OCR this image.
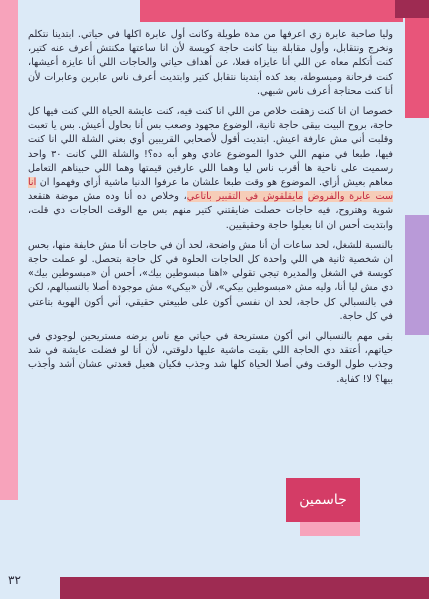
وليا صاحبة عابرة زي اعرفها من مدة طويلة وكانت أول عابرة اكلها في حياتي. ابتدينا نتكلم ونخرج ونتقابل، وأول مقابلة بينا كانت حاجة كويسة لأن انا ساعتها مكنتش أعرف عنه كتير، كنت أتكلم معاه عن اللي أنا عايزاه فعلا، عن أهداف حياتي والحاجات اللي أنا عايزة أعيشها، كنت فرحانة ومبسوطة، بعد كده أبتدينا نتقابل كتير وابتديت أعرف ناس عابرين وعابرات لأن أنا كنت محتاجة أعرف ناس شبهي.

خصوصا ان انا كنت زهقت خلاص من اللي انا كنت فيه، كنت عايشة الحياة اللي كنت فيها كل حاجة، بروح البيت بيقى حاجة تانية، الوضوع مجهود وصعب بس أنا بحاول أعيش. بس يا تعبت وقلبت أني مش عارفة اعيش. ابتديت أقول لأصحابي القريبين أوي بعني الشلة اللي انا كنت فيها، طبعا في منهم اللي خدوا الموضوع عادي وهو أبه ده؟! والشلة اللي كانت ٣٠ واحد رسميت على ناحية ها أقرب ناس ليا وهما اللي عارفين قيمتها وهما اللي حبيناهم التعامل معاهم بعيش أزاي. الموضوع هو وقت طبعا علشان ما عرفوا الدنيا ماشية أزاي وفهموا ان انا ست عابرة والفروض مايقلقوش في التقبير باتاعي، وخلاص ده أنا وده مش موضة هتقعد شوية وهتروح، فيه حاجات حصلت ضايقتني كتير منهم بس مع الوقت الحاجات دي قلت، وابتديت أحس ان انا بعيلوا حاجة وحقيقيين.

بالنسبة للشغل، لحد ساعات أن أنا مش واضحة، لحد أن في حاجات أنا مش خايفة منها، بحس ان شخصية ثانية هي اللي واحدة كل الحاجات الحلوة في كل حاجة بتحصل. لو عملت حاجة كويسة في الشغل والمديرة تيجي تقولي «اهنا مبسوطين بيك»، أحس أن «مبسوطين بيك» دي مش ليا أنا، وليه مش «مبسوطين بيكي»، لأن «بيكي» مش موجودة أصلا بالنسبالهم، لكن في بالنسبالي كل حاجة، لحد ان نفسي أكون على طبيعتي حقيقي، أني أكون الهوية بتاعتي في كل حاجة.

بقى مهم بالنسبالي اني أكون مستريحة في حياتي مع ناس برضه مستريحين لوجودي في حياتهم، أعتقد دي الحاجة اللي بقيت ماشية عليها دلوقتي، لأن أنا لو فضلت عايشة في شد وجذب طول الوقت وفي أصلا الحياة كلها شد وجذب فكيان هعيل قعدتي عشان أشد وأجذب بيها؟ لا! كفاية.

جاسمين
٣٢
